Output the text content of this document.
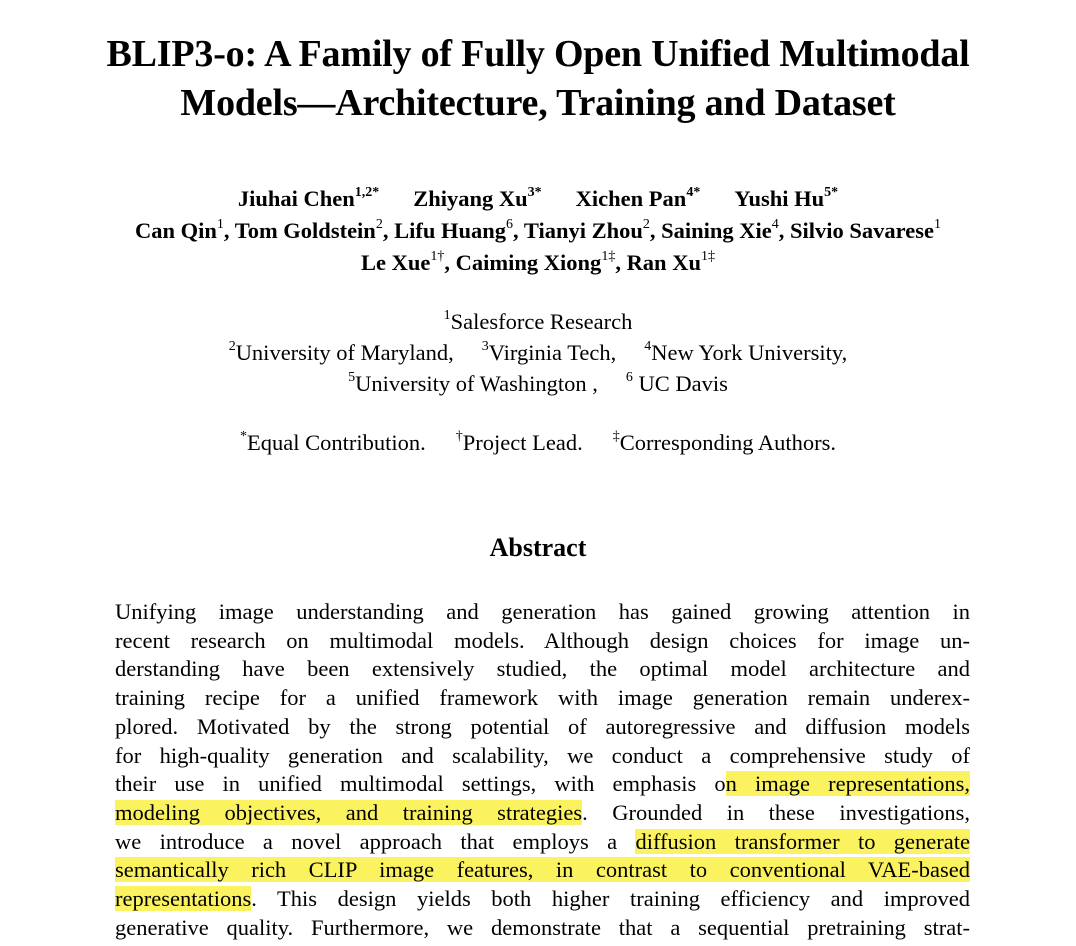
BLIP3-o: A Family of Fully Open Unified Multimodal
Models—Architecture, Training and Dataset
Jiuhai Chen$^{1,2*}$ Zhiyang $Xu^{3*}$ Xichen Pan$^{4*}$ Yushi $Hu^{5*}$
Can Qin$^1$, Tom Goldstein$^2$, Lifu Huang$^6$, Tianyi Zhou$^2$, Saining Xie$^4$, Silvio Savarese$^1$
Le Xue$^{1\dagger}$, Caiming Xiong$^{1\ddagger}$, Ran $Xu^{1\ddagger}$
$^1$Salesforce Research
$^2$University of Maryland, $^3$Virginia Tech, $^4$New York University,
$^5$University of Washington , $^6$ UC Davis
*Equal Contribution. †Project Lead. ‡Corresponding Authors.
Abstract
Unifying image understanding and generation has gained growing attention in
recent research on multimodal models. Although design choices for image un-
derstanding have been extensively studied, the optimal model architecture and
training recipe for a unified framework with image generation remain underex-
plored. Motivated by the strong potential of autoregressive and diffusion models
for high-quality generation and scalability, we conduct a comprehensive study of
their use in unified multimodal settings, with emphasis on image representations,
modeling objectives, and training strategies. Grounded in these investigations,
we introduce a novel approach that employs a diffusion transformer to generate
semantically rich CLIP image features, in contrast to conventional VAE-based
representations. This design yields both higher training efficiency and improved
generative quality. Furthermore, we demonstrate that a sequential pretraining strat-
